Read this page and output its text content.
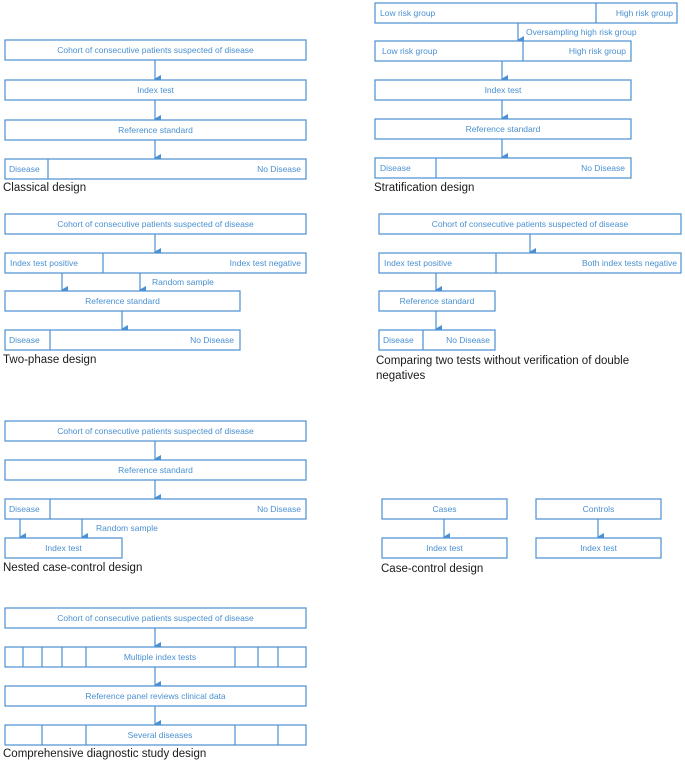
Cohort of consecutive patients suspected of disease
Index test
Reference standard
Disease	No Disease
Classical design
Low risk group	High risk group
Oversampling high risk group
Low risk group	High risk group
Index test
Reference standard
Disease	No Disease
Stratification design
Cohort of consecutive patients suspected of disease
Index test positive	Index test negative
Random sample
Reference standard
Disease	No Disease
Two-phase design
Cohort of consecutive patients suspected of disease
Index test positive	Both index tests negative
Reference standard
Disease	No Disease
Comparing two tests without verification of double
negatives
Cohort of consecutive patients suspected of disease
Reference standard
Disease	No Disease
Random sample
Index test
Nested case-control design
Cases
Index test
Controls
Index test
Case-control design
Cohort of consecutive patients suspected of disease
Multiple index tests
Reference panel reviews clinical data
Several diseases
Comprehensive diagnostic study design
